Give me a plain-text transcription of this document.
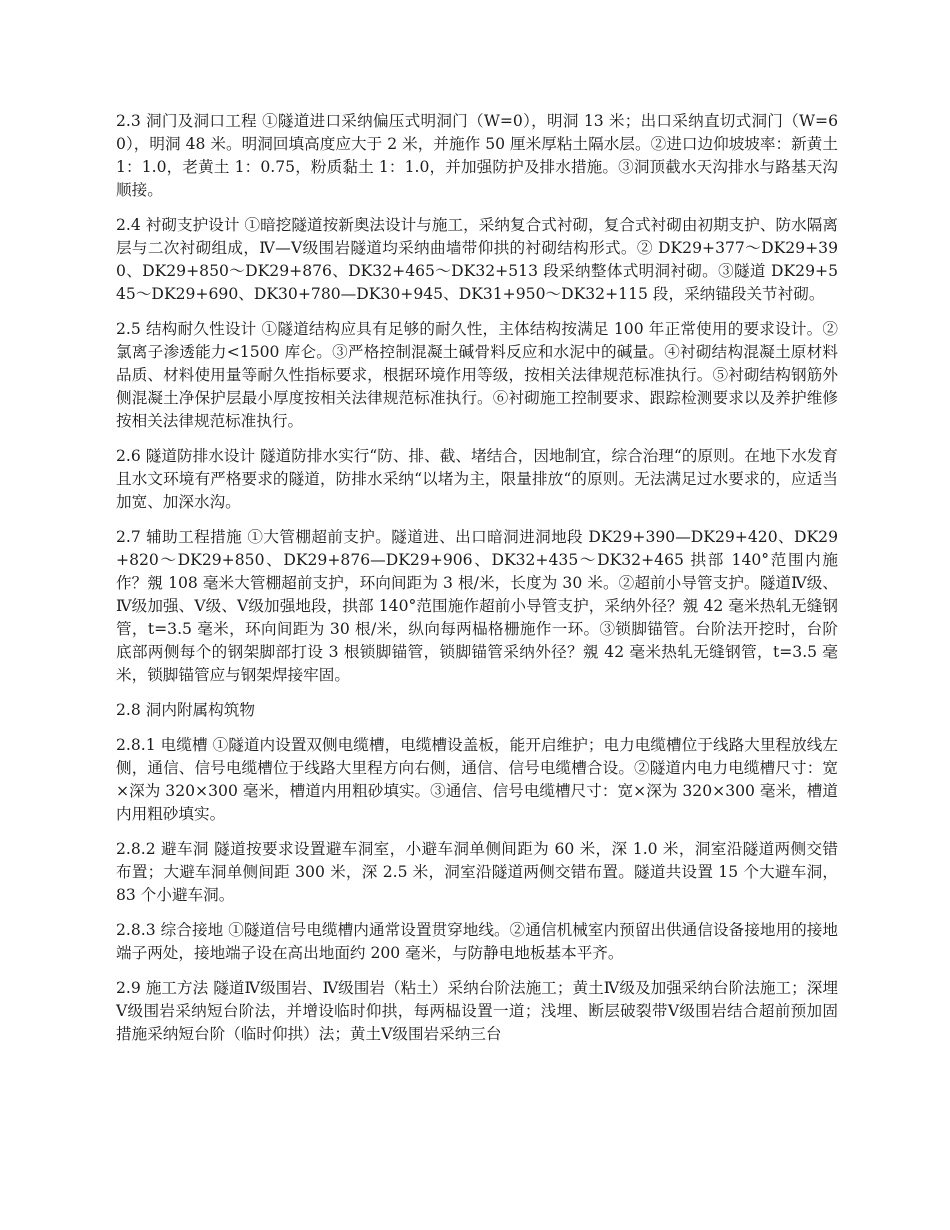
2.3 洞门及洞口工程 ①隧道进口采纳偏压式明洞门（W=0），明洞 13 米；出口采纳直切式洞门（W=60），明洞 48 米。明洞回填高度应大于 2 米，并施作 50 厘米厚粘土隔水层。②进口边仰坡坡率：新黄土 1：1.0，老黄土 1：0.75，粉质黏土 1：1.0，并加强防护及排水措施。③洞顶截水天沟排水与路基天沟顺接。

2.4 衬砌支护设计 ①暗挖隧道按新奥法设计与施工，采纳复合式衬砌，复合式衬砌由初期支护、防水隔离层与二次衬砌组成，Ⅳ—Ⅴ级围岩隧道均采纳曲墙带仰拱的衬砌结构形式。② DK29+377～DK29+390、DK29+850～DK29+876、DK32+465～DK32+513 段采纳整体式明洞衬砌。③隧道 DK29+545～DK29+690、DK30+780—DK30+945、DK31+950～DK32+115 段，采纳锚段关节衬砌。

2.5 结构耐久性设计 ①隧道结构应具有足够的耐久性，主体结构按满足 100 年正常使用的要求设计。②氯离子渗透能力<1500 库仑。③严格控制混凝土碱骨料反应和水泥中的碱量。④衬砌结构混凝土原材料品质、材料使用量等耐久性指标要求，根据环境作用等级，按相关法律规范标准执行。⑤衬砌结构钢筋外侧混凝土净保护层最小厚度按相关法律规范标准执行。⑥衬砌施工控制要求、跟踪检测要求以及养护维修按相关法律规范标准执行。

2.6 隧道防排水设计 隧道防排水实行“防、排、截、堵结合，因地制宜，综合治理“的原则。在地下水发育且水文环境有严格要求的隧道，防排水采纳“以堵为主，限量排放“的原则。无法满足过水要求的，应适当加宽、加深水沟。

2.7 辅助工程措施 ①大管棚超前支护。隧道进、出口暗洞进洞地段 DK29+390—DK29+420、DK29+820～DK29+850、DK29+876—DK29+906、DK32+435～DK32+465 拱部 140°范围内施作？覫 108 毫米大管棚超前支护，环向间距为 3 根/米，长度为 30 米。②超前小导管支护。隧道Ⅳ级、Ⅳ级加强、Ⅴ级、Ⅴ级加强地段，拱部 140°范围施作超前小导管支护，采纳外径？覫 42 毫米热轧无缝钢管，t=3.5 毫米，环向间距为 30 根/米，纵向每两榀格栅施作一环。③锁脚锚管。台阶法开挖时，台阶底部两侧每个的钢架脚部打设 3 根锁脚锚管，锁脚锚管采纳外径？覫 42 毫米热轧无缝钢管，t=3.5 毫米，锁脚锚管应与钢架焊接牢固。

2.8 洞内附属构筑物

2.8.1 电缆槽 ①隧道内设置双侧电缆槽，电缆槽设盖板，能开启维护；电力电缆槽位于线路大里程放线左侧，通信、信号电缆槽位于线路大里程方向右侧，通信、信号电缆槽合设。②隧道内电力电缆槽尺寸：宽×深为 320×300 毫米，槽道内用粗砂填实。③通信、信号电缆槽尺寸：宽×深为 320×300 毫米，槽道内用粗砂填实。

2.8.2 避车洞 隧道按要求设置避车洞室，小避车洞单侧间距为 60 米，深 1.0 米，洞室沿隧道两侧交错布置；大避车洞单侧间距 300 米，深 2.5 米，洞室沿隧道两侧交错布置。隧道共设置 15 个大避车洞，83 个小避车洞。

2.8.3 综合接地 ①隧道信号电缆槽内通常设置贯穿地线。②通信机械室内预留出供通信设备接地用的接地端子两处，接地端子设在高出地面约 200 毫米，与防静电地板基本平齐。

2.9 施工方法 隧道Ⅳ级围岩、Ⅳ级围岩（粘土）采纳台阶法施工；黄土Ⅳ级及加强采纳台阶法施工；深埋Ⅴ级围岩采纳短台阶法，并增设临时仰拱，每两榀设置一道；浅埋、断层破裂带Ⅴ级围岩结合超前预加固措施采纳短台阶（临时仰拱）法；黄土Ⅴ级围岩采纳三台
